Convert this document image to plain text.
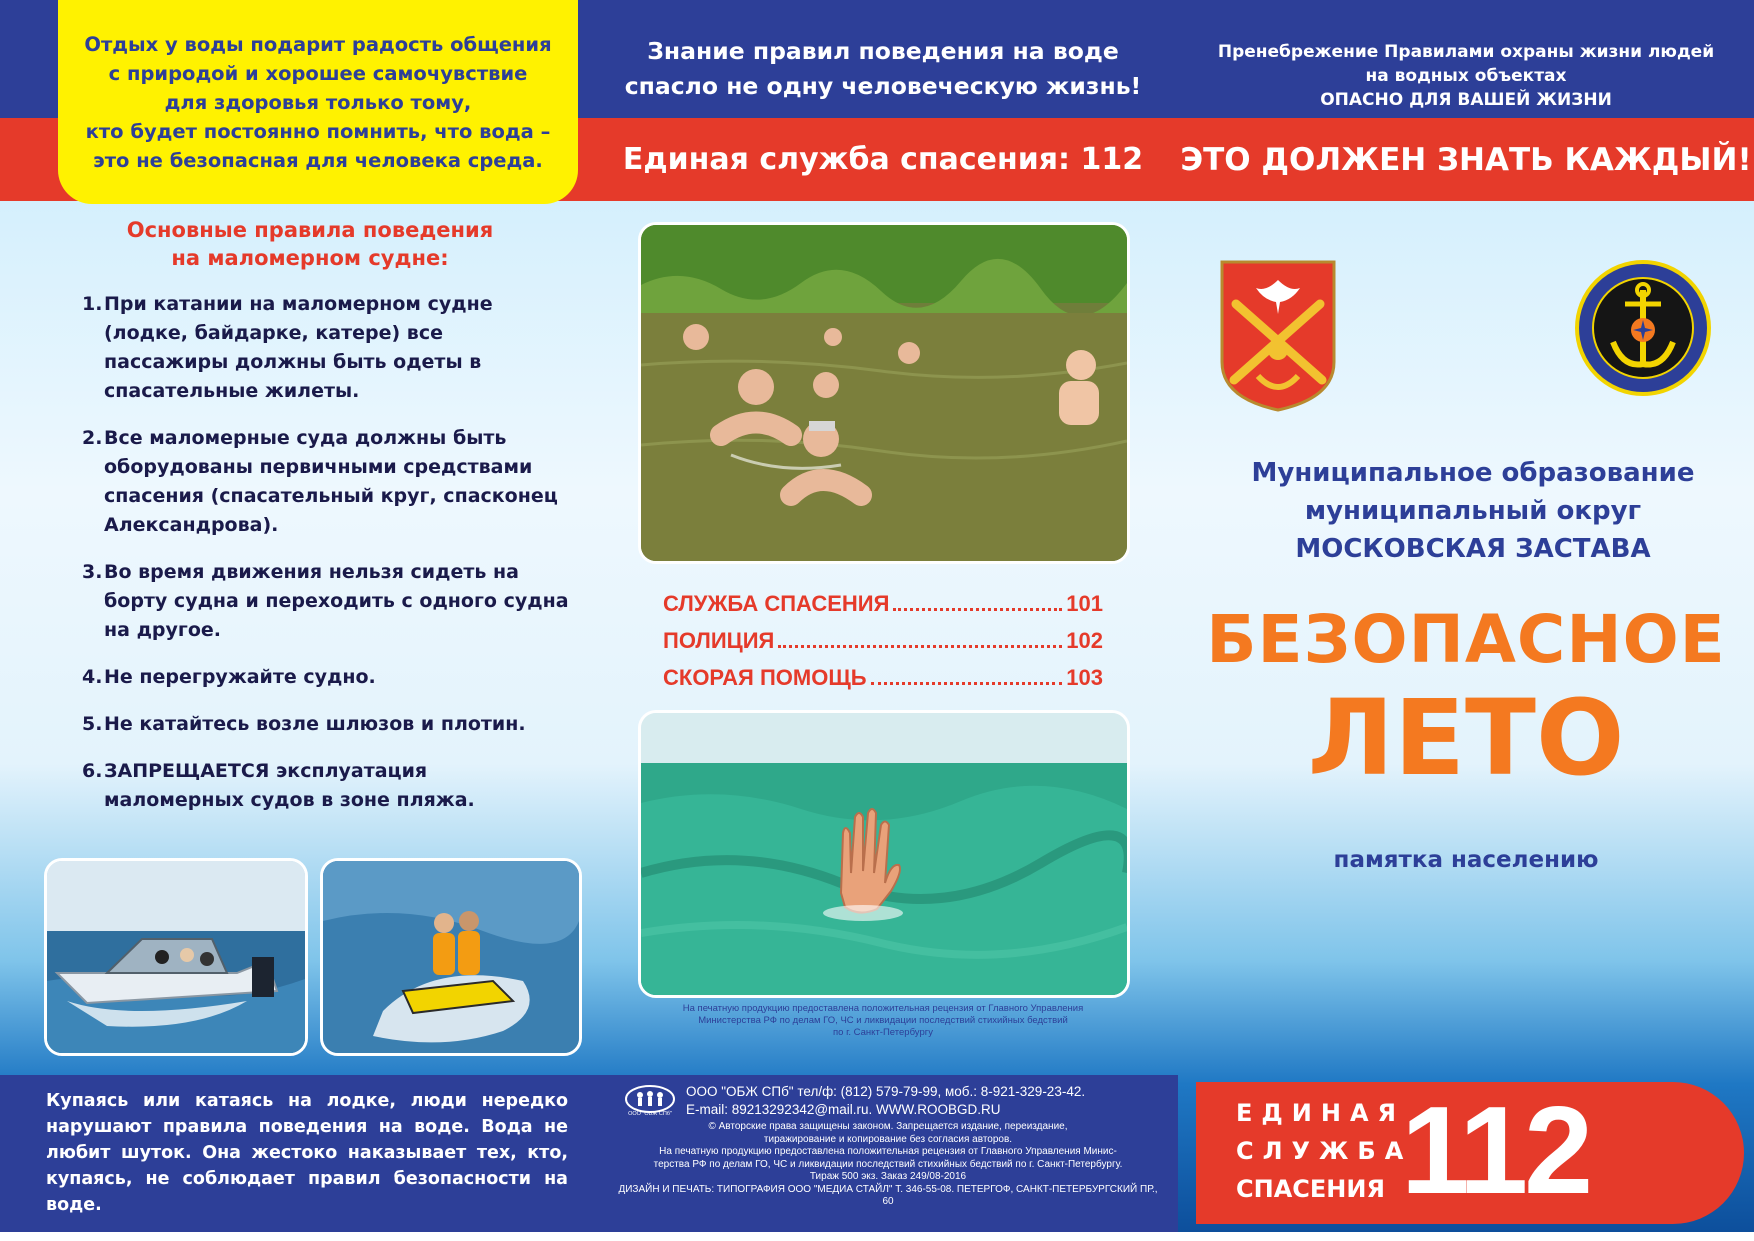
Отдых у воды подарит радость общения
с природой и хорошее самочувствие
для здоровья только тому,
кто будет постоянно помнить, что вода –
это не безопасная для человека среда.
Основные правила поведения
на маломерном судне:
1. При катании на маломерном судне (лодке, байдарке, катере) все пассажиры должны быть одеты в спасательные жилеты.
2. Все маломерные суда должны быть оборудованы первичными средствами спасения (спасательный круг, спасконец Александрова).
3. Во время движения нельзя сидеть на борту судна и переходить с одного судна на другое.
4. Не перегружайте судно.
5. Не катайтесь возле шлюзов и плотин.
6. ЗАПРЕЩАЕТСЯ эксплуатация маломерных судов в зоне пляжа.
Купаясь или катаясь на лодке, люди нередко нарушают правила поведения на воде. Вода не любит шуток. Она жестоко наказывает тех, кто, купаясь, не соблюдает правил безопасности на воде.
Знание правил поведения на воде
спасло не одну человеческую жизнь!
Единая служба спасения: 112
СЛУЖБА СПАСЕНИЯ	101
ПОЛИЦИЯ	102
СКОРАЯ ПОМОЩЬ	103
На печатную продукцию предоставлена положительная рецензия от Главного Управления
Министерства РФ по делам ГО, ЧС и ликвидации последствий стихийных бедствий
по г. Санкт-Петербургу
ООО "ОБЖ СПб"
ООО "ОБЖ СПб" тел/ф: (812) 579-79-99, моб.: 8-921-329-23-42.
E-mail: 89213292342@mail.ru. WWW.ROOBGD.RU
© Авторские права защищены законом. Запрещается издание, переиздание,
тиражирование и копирование без согласия авторов.
На печатную продукцию предоставлена положительная рецензия от Главного Управления Минис-
терства РФ по делам ГО, ЧС и ликвидации последствий стихийных бедствий по г. Санкт-Петербургу.
Тираж 500 экз. Заказ 249/08-2016
ДИЗАЙН И ПЕЧАТЬ: ТИПОГРАФИЯ ООО "МЕДИА СТАЙЛ" Т. 346-55-08. ПЕТЕРГОФ, САНКТ-ПЕТЕРБУРГСКИЙ ПР., 60
Пренебрежение Правилами охраны жизни людей
на водных объектах
ОПАСНО ДЛЯ ВАШЕЙ ЖИЗНИ
ЭТО ДОЛЖЕН ЗНАТЬ КАЖДЫЙ!
Муниципальное образование
муниципальный округ
МОСКОВСКАЯ ЗАСТАВА
БЕЗОПАСНОЕ
ЛЕТО
памятка населению
ЕДИНАЯ
СЛУЖБА
СПАСЕНИЯ 112
